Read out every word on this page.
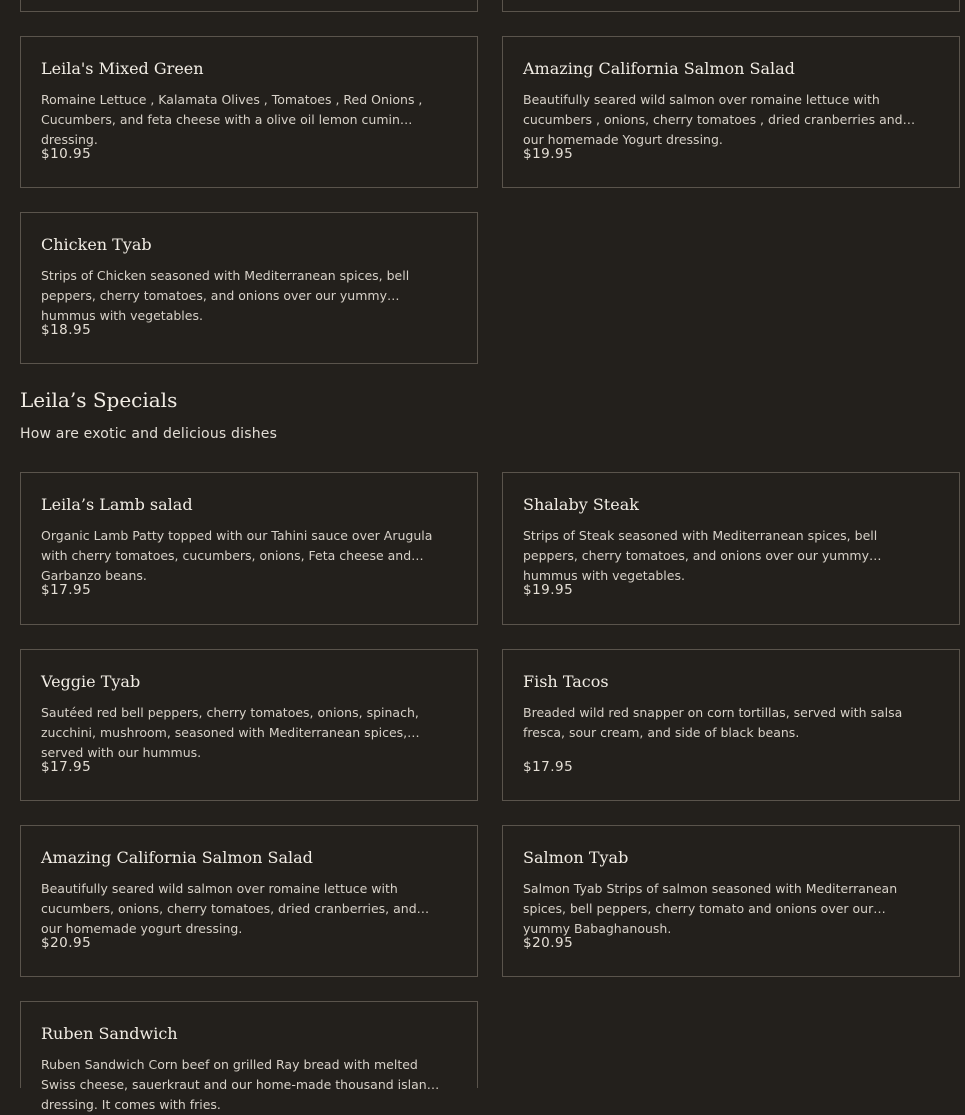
Leila's Mixed Green
Romaine Lettuce , Kalamata Olives , Tomatoes , Red Onions , Cucumbers, and feta cheese with a olive oil lemon cumin dressing.
$10.95
Amazing California Salmon Salad
Beautifully seared wild salmon over romaine lettuce with cucumbers , onions, cherry tomatoes , dried cranberries and our homemade Yogurt dressing.
$19.95
Chicken Tyab
Strips of Chicken seasoned with Mediterranean spices, bell peppers, cherry tomatoes, and onions over our yummy hummus with vegetables.
$18.95
Leila’s Specials
How are exotic and delicious dishes
Leila’s Lamb salad
Organic Lamb Patty topped with our Tahini sauce over Arugula with cherry tomatoes, cucumbers, onions, Feta cheese and Garbanzo beans.
$17.95
Shalaby Steak
Strips of Steak seasoned with Mediterranean spices, bell peppers, cherry tomatoes, and onions over our yummy hummus with vegetables.
$19.95
Veggie Tyab
Sautéed red bell peppers, cherry tomatoes, onions, spinach, zucchini, mushroom, seasoned with Mediterranean spices, served with our hummus.
$17.95
Fish Tacos
Breaded wild red snapper on corn tortillas, served with salsa fresca, sour cream, and side of black beans.
$17.95
Amazing California Salmon Salad
Beautifully seared wild salmon over romaine lettuce with cucumbers, onions, cherry tomatoes, dried cranberries, and our homemade yogurt dressing.
$20.95
Salmon Tyab
Salmon Tyab Strips of salmon seasoned with Mediterranean spices, bell peppers, cherry tomato and onions over our yummy Babaghanoush.
$20.95
Ruben Sandwich
Ruben Sandwich Corn beef on grilled Ray bread with melted Swiss cheese, sauerkraut and our home-made thousand island dressing. It comes with fries.
